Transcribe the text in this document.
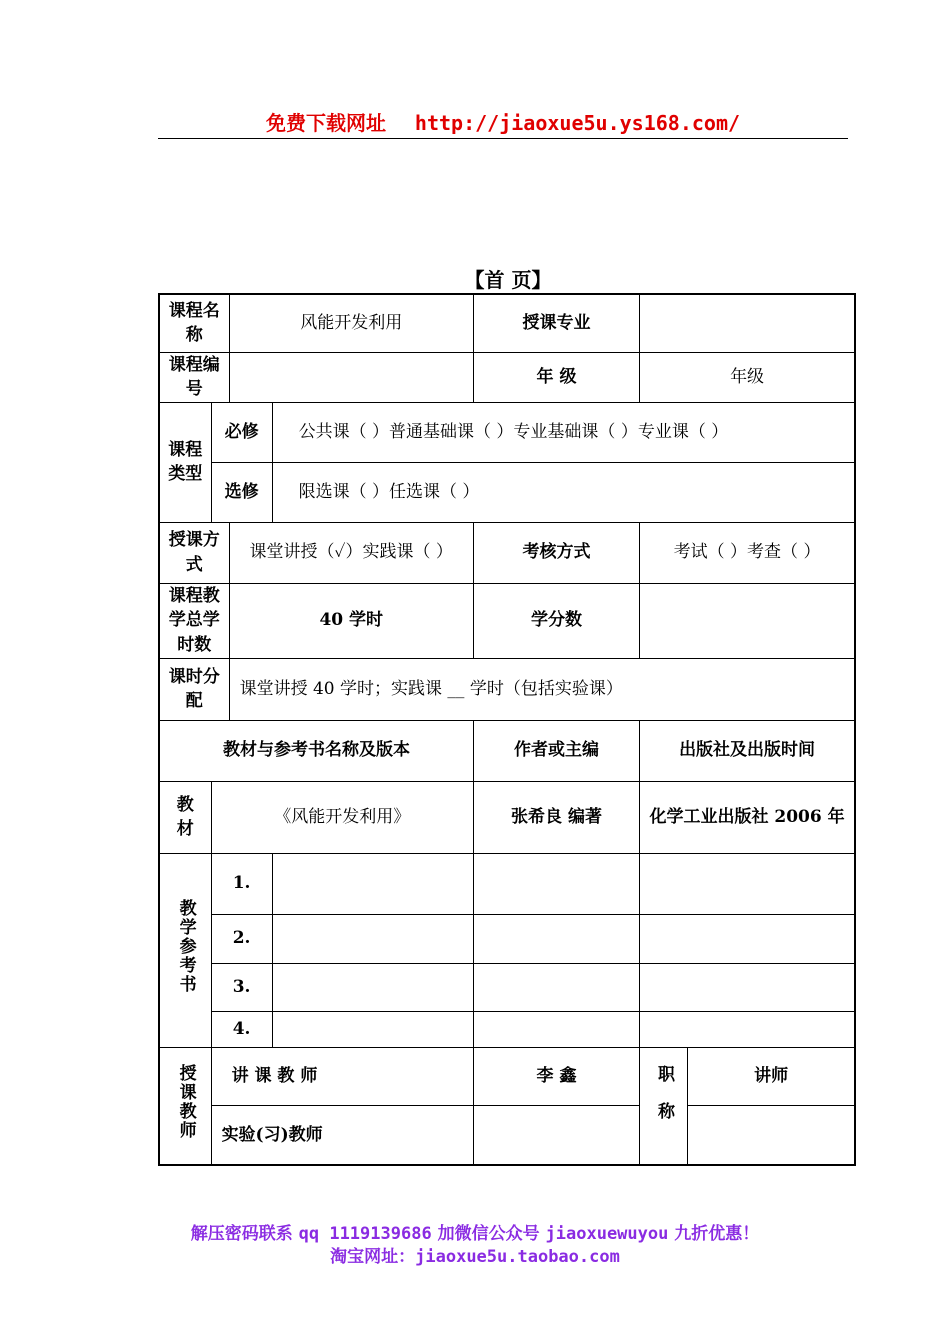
免费下载网址 http://jiaoxue5u.ys168.com/
【首 页】
课程名称		风能开发利用		授课专业		
课程编号				年 级	年级	
课程类型	必修		公共课（ ）普通基础课（ ）专业基础课（ ）专业课（ ）			
	选修		限选课（ ）任选课（ ）			
授课方式		课堂讲授（✓）实践课（ ）		考核方式	考试（ ）考查（ ）	
课程教学总学时数		40 学时		学分数		
课时分配		课堂讲授 40 学时；实践课 __ 学时（包括实验课）				
教材与参考书名称及版本				作者或主编	出版社及出版时间	
教材	《风能开发利用》			张希良 编著	化学工业出版社 2006 年	
教学参考书	1.					
	2.					
	3.					
	4.					
授课教师	讲 课 教 师			李 鑫	职称	讲师
	实验(习)教师					
解压密码联系 qq 1119139686 加微信公众号 jiaoxuewuyou 九折优惠！
淘宝网址：jiaoxue5u.taobao.com
